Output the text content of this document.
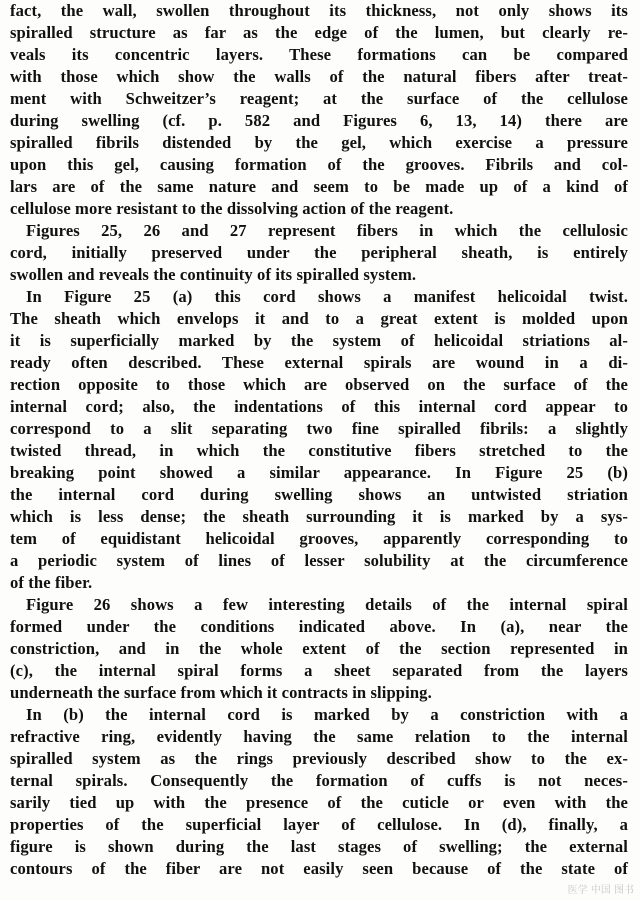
fact, the wall, swollen throughout its thickness, not only shows its
spiralled structure as far as the edge of the lumen, but clearly re-
veals its concentric layers. These formations can be compared
with those which show the walls of the natural fibers after treat-
ment with Schweitzer’s reagent; at the surface of the cellulose
during swelling (cf. p. 582 and Figures 6, 13, 14) there are
spiralled fibrils distended by the gel, which exercise a pressure
upon this gel, causing formation of the grooves. Fibrils and col-
lars are of the same nature and seem to be made up of a kind of
cellulose more resistant to the dissolving action of the reagent.
Figures 25, 26 and 27 represent fibers in which the cellulosic
cord, initially preserved under the peripheral sheath, is entirely
swollen and reveals the continuity of its spiralled system.
In Figure 25 (a) this cord shows a manifest helicoidal twist.
The sheath which envelops it and to a great extent is molded upon
it is superficially marked by the system of helicoidal striations al-
ready often described. These external spirals are wound in a di-
rection opposite to those which are observed on the surface of the
internal cord; also, the indentations of this internal cord appear to
correspond to a slit separating two fine spiralled fibrils: a slightly
twisted thread, in which the constitutive fibers stretched to the
breaking point showed a similar appearance. In Figure 25 (b)
the internal cord during swelling shows an untwisted striation
which is less dense; the sheath surrounding it is marked by a sys-
tem of equidistant helicoidal grooves, apparently corresponding to
a periodic system of lines of lesser solubility at the circumference
of the fiber.
Figure 26 shows a few interesting details of the internal spiral
formed under the conditions indicated above. In (a), near the
constriction, and in the whole extent of the section represented in
(c), the internal spiral forms a sheet separated from the layers
underneath the surface from which it contracts in slipping.
In (b) the internal cord is marked by a constriction with a
refractive ring, evidently having the same relation to the internal
spiralled system as the rings previously described show to the ex-
ternal spirals. Consequently the formation of cuffs is not neces-
sarily tied up with the presence of the cuticle or even with the
properties of the superficial layer of cellulose. In (d), finally, a
figure is shown during the last stages of swelling; the external
contours of the fiber are not easily seen because of the state of
医学 中国 图书
